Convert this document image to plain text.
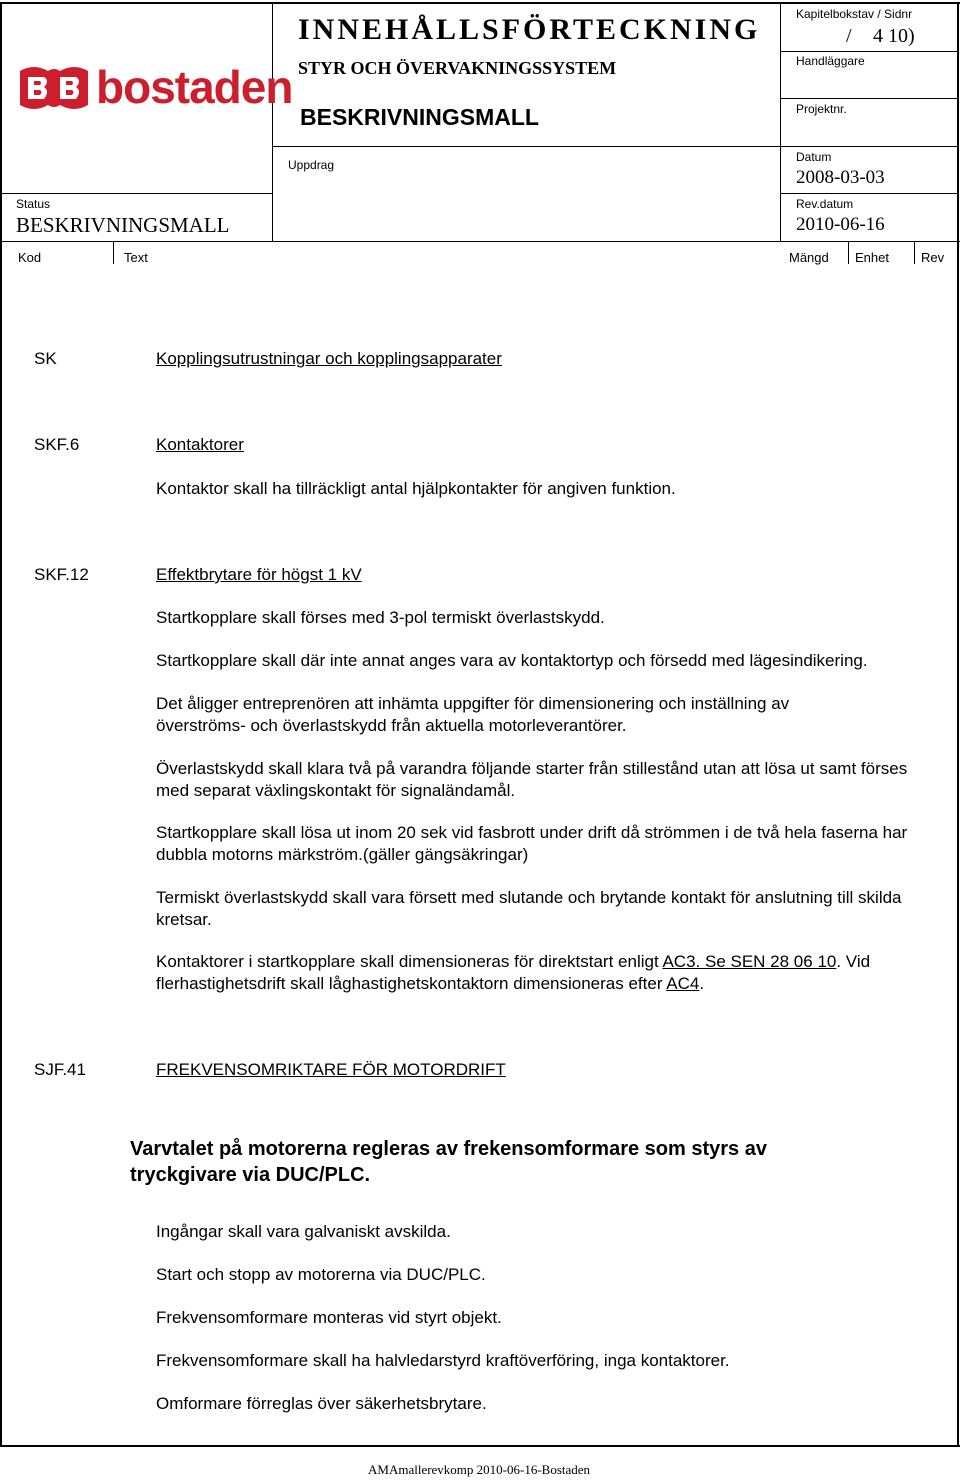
bostaden
INNEHÅLLSFÖRTECKNING
STYR OCH ÖVERVAKNINGSSYSTEM
BESKRIVNINGSMALL
Uppdrag
Kapitelbokstav / Sidnr
/ 4 10)
Handläggare
Projektnr.
Datum
2008-03-03
Rev.datum
2010-06-16
Status
BESKRIVNINGSMALL
Kod	Text	Mängd Enhet Rev
SK	Kopplingsutrustningar och kopplingsapparater
SKF.6	Kontaktorer
Kontaktor skall ha tillräckligt antal hjälpkontakter för angiven funktion.
SKF.12	Effektbrytare för högst 1 kV
Startkopplare skall förses med 3-pol termiskt överlastskydd.
Startkopplare skall där inte annat anges vara av kontaktortyp och försedd med lägesindikering.
Det åligger entreprenören att inhämta uppgifter för dimensionering och inställning av överströms- och överlastskydd från aktuella motorleverantörer.
Överlastskydd skall klara två på varandra följande starter från stillestånd utan att lösa ut samt förses med separat växlingskontakt för signaländamål.
Startkopplare skall lösa ut inom 20 sek vid fasbrott under drift då strömmen i de två hela faserna har dubbla motorns märkström.(gäller gängsäkringar)
Termiskt överlastskydd skall vara försett med slutande och brytande kontakt för anslutning till skilda kretsar.
Kontaktorer i startkopplare skall dimensioneras för direktstart enligt AC3. Se SEN 28 06 10. Vid flerhastighetsdrift skall låghastighetskontaktorn dimensioneras efter AC4.
SJF.41	FREKVENSOMRIKTARE FÖR MOTORDRIFT
Varvtalet på motorerna regleras av frekensomformare som styrs av tryckgivare via DUC/PLC.
Ingångar skall vara galvaniskt avskilda.
Start och stopp av motorerna via DUC/PLC.
Frekvensomformare monteras vid styrt objekt.
Frekvensomformare skall ha halvledarstyrd kraftöverföring, inga kontaktorer.
Omformare förreglas över säkerhetsbrytare.
AMAmallerevkomp 2010-06-16-Bostaden
